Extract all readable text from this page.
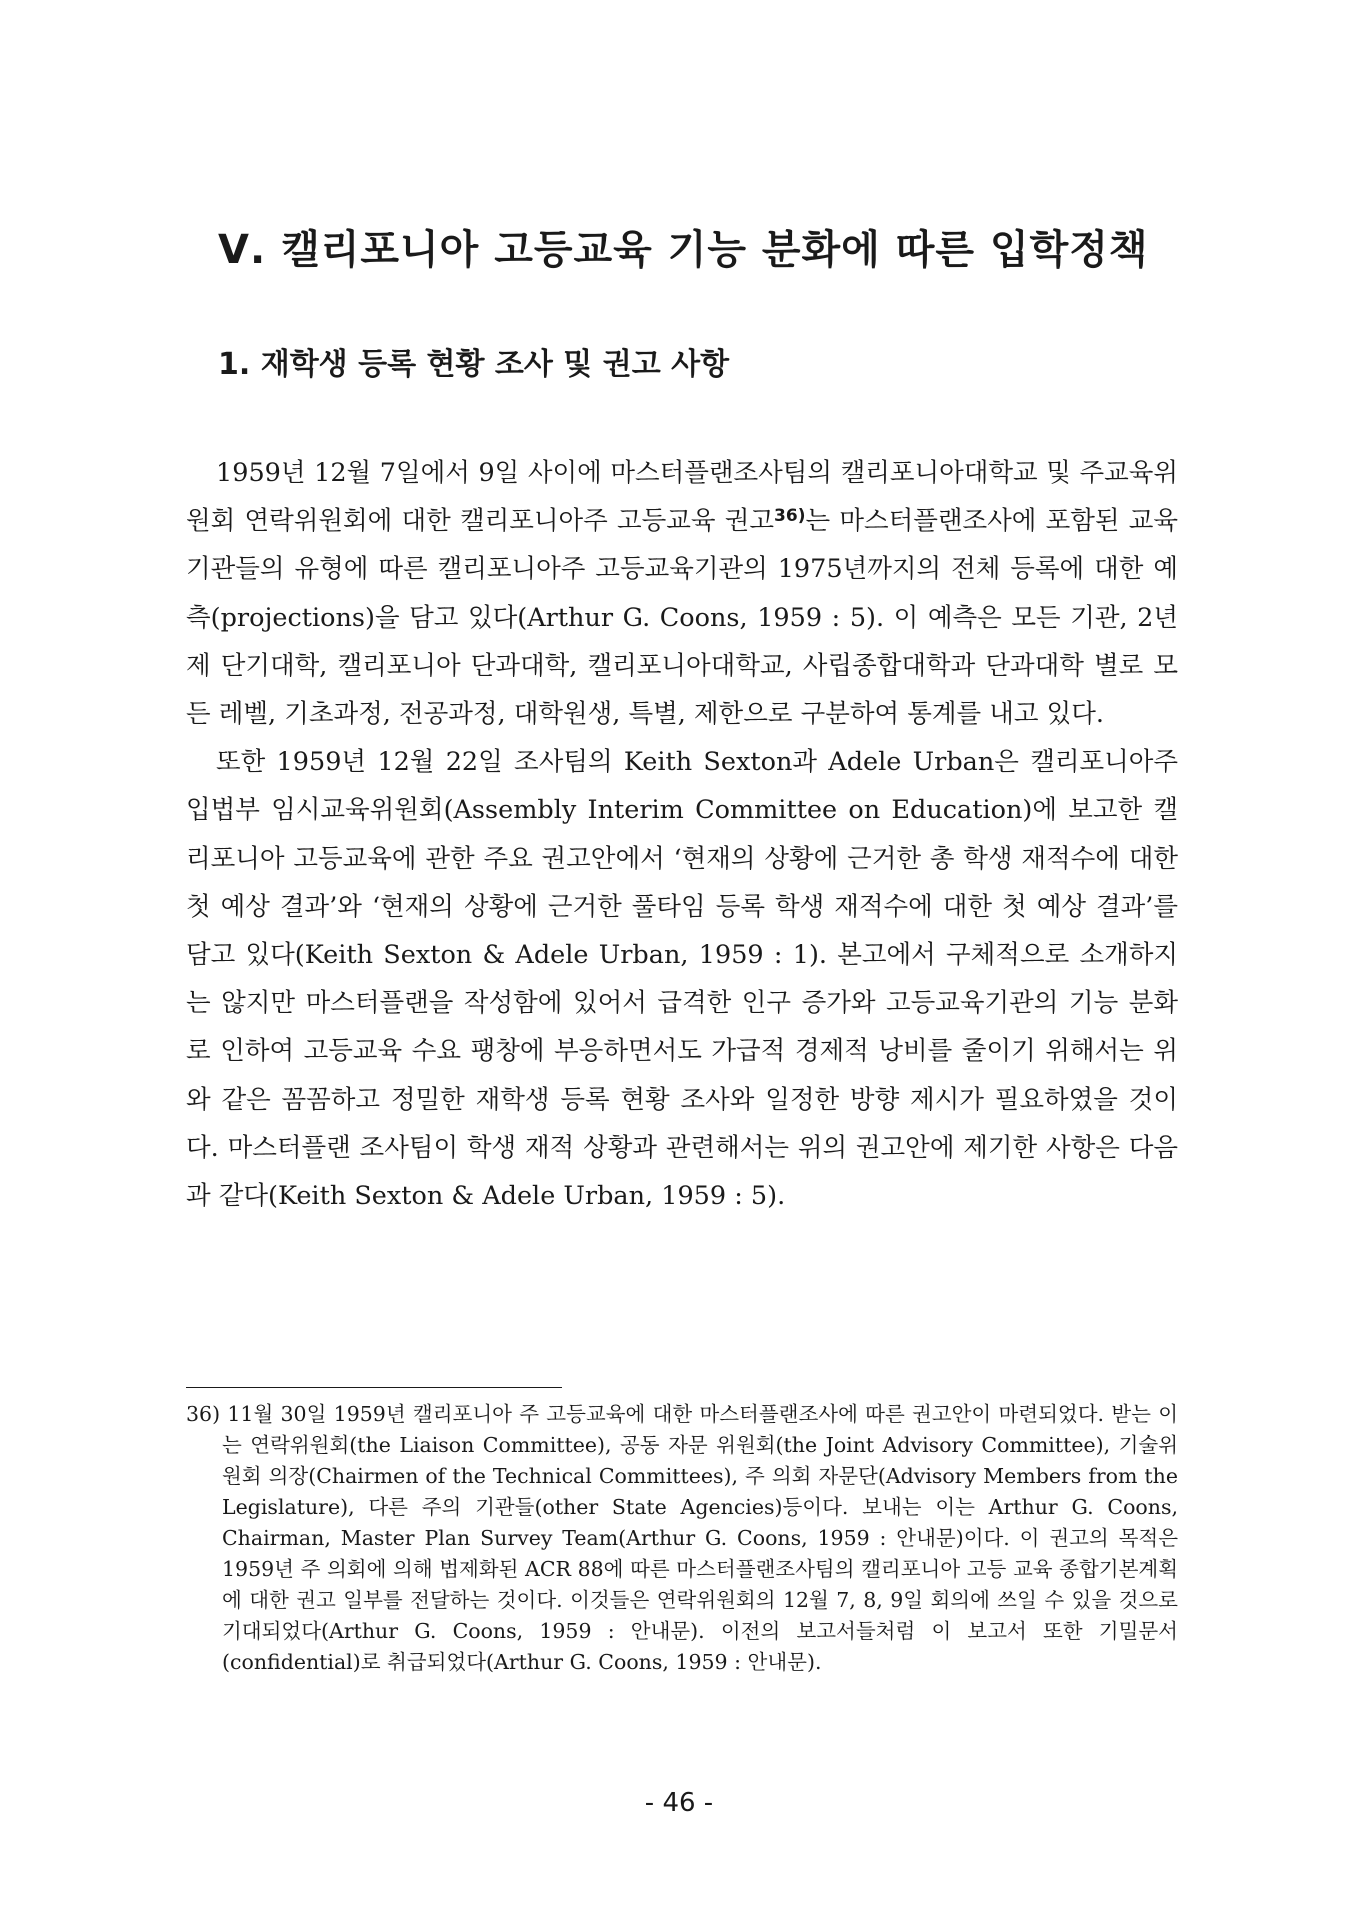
Ⅴ. 캘리포니아 고등교육 기능 분화에 따른 입학정책
1. 재학생 등록 현황 조사 및 권고 사항

1959년 12월 7일에서 9일 사이에 마스터플랜조사팀의 캘리포니아대학교 및 주교육위원회 연락위원회에 대한 캘리포니아주 고등교육 권고$^{36)}$는 마스터플랜조사에 포함된 교육기관들의 유형에 따른 캘리포니아주 고등교육기관의 1975년까지의 전체 등록에 대한 예측(projections)을 담고 있다(Arthur G. Coons, 1959 : 5). 이 예측은 모든 기관, 2년제 단기대학, 캘리포니아 단과대학, 캘리포니아대학교, 사립종합대학과 단과대학 별로 모든 레벨, 기초과정, 전공과정, 대학원생, 특별, 제한으로 구분하여 통계를 내고 있다.

또한 1959년 12월 22일 조사팀의 Keith Sexton과 Adele Urban은 캘리포니아주 입법부 임시교육위원회(Assembly Interim Committee on Education)에 보고한 캘리포니아 고등교육에 관한 주요 권고안에서 ‘현재의 상황에 근거한 총 학생 재적수에 대한 첫 예상 결과’와 ‘현재의 상황에 근거한 풀타임 등록 학생 재적수에 대한 첫 예상 결과’를 담고 있다(Keith Sexton & Adele Urban, 1959 : 1). 본고에서 구체적으로 소개하지는 않지만 마스터플랜을 작성함에 있어서 급격한 인구 증가와 고등교육기관의 기능 분화로 인하여 고등교육 수요 팽창에 부응하면서도 가급적 경제적 낭비를 줄이기 위해서는 위와 같은 꼼꼼하고 정밀한 재학생 등록 현황 조사와 일정한 방향 제시가 필요하였을 것이다. 마스터플랜 조사팀이 학생 재적 상황과 관련해서는 위의 권고안에 제기한 사항은 다음과 같다(Keith Sexton & Adele Urban, 1959 : 5).

36) 11월 30일 1959년 캘리포니아 주 고등교육에 대한 마스터플랜조사에 따른 권고안이 마련되었다. 받는 이는 연락위원회(the Liaison Committee), 공동 자문 위원회(the Joint Advisory Committee), 기술위원회 의장(Chairmen of the Technical Committees), 주 의회 자문단(Advisory Members from the Legislature), 다른 주의 기관들(other State Agencies)등이다. 보내는 이는 Arthur G. Coons, Chairman, Master Plan Survey Team(Arthur G. Coons, 1959 : 안내문)이다. 이 권고의 목적은 1959년 주 의회에 의해 법제화된 ACR 88에 따른 마스터플랜조사팀의 캘리포니아 고등 교육 종합기본계획에 대한 권고 일부를 전달하는 것이다. 이것들은 연락위원회의 12월 7, 8, 9일 회의에 쓰일 수 있을 것으로 기대되었다(Arthur G. Coons, 1959 : 안내문). 이전의 보고서들처럼 이 보고서 또한 기밀문서(confidential)로 취급되었다(Arthur G. Coons, 1959 : 안내문).
- 46 -
